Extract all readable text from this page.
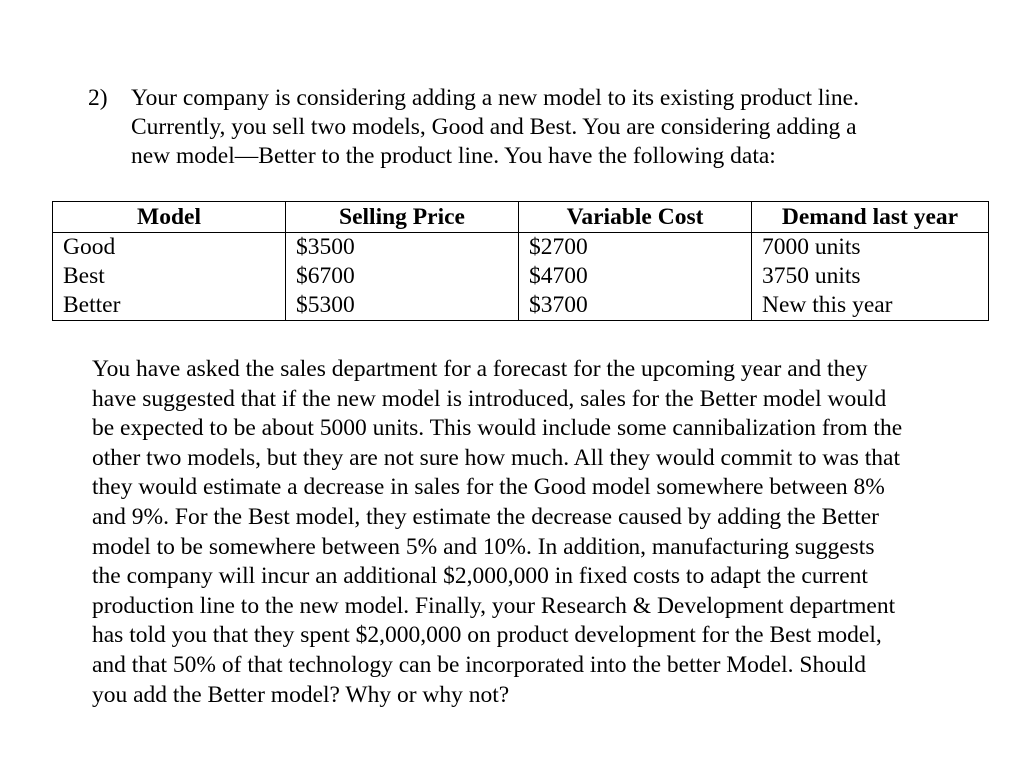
2) Your company is considering adding a new model to its existing product line.
Currently, you sell two models, Good and Best. You are considering adding a
new model—Better to the product line. You have the following data:
Model	Selling Price	Variable Cost	Demand last year
Good	$3500	$2700	7000 units
Best	$6700	$4700	3750 units
Better	$5300	$3700	New this year
You have asked the sales department for a forecast for the upcoming year and they
have suggested that if the new model is introduced, sales for the Better model would
be expected to be about 5000 units. This would include some cannibalization from the
other two models, but they are not sure how much. All they would commit to was that
they would estimate a decrease in sales for the Good model somewhere between 8%
and 9%. For the Best model, they estimate the decrease caused by adding the Better
model to be somewhere between 5% and 10%. In addition, manufacturing suggests
the company will incur an additional $2,000,000 in fixed costs to adapt the current
production line to the new model. Finally, your Research & Development department
has told you that they spent $2,000,000 on product development for the Best model,
and that 50% of that technology can be incorporated into the better Model. Should
you add the Better model? Why or why not?
